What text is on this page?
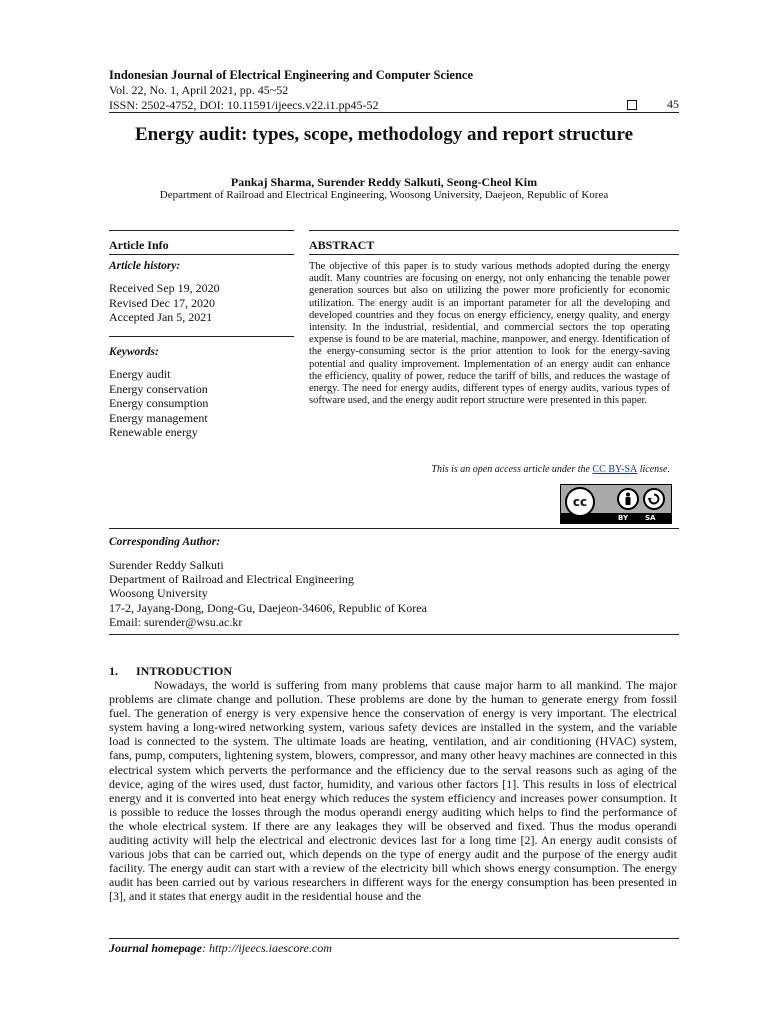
Indonesian Journal of Electrical Engineering and Computer Science
Vol. 22, No. 1, April 2021, pp. 45~52
ISSN: 2502-4752, DOI: 10.11591/ijeecs.v22.i1.pp45-52	45
Energy audit: types, scope, methodology and report structure
Pankaj Sharma, Surender Reddy Salkuti, Seong-Cheol Kim
Department of Railroad and Electrical Engineering, Woosong University, Daejeon, Republic of Korea
Article Info	ABSTRACT
Article history:
Received Sep 19, 2020
Revised Dec 17, 2020
Accepted Jan 5, 2021
Keywords:
Energy audit
Energy conservation
Energy consumption
Energy management
Renewable energy
The objective of this paper is to study various methods adopted during the energy audit. Many countries are focusing on energy, not only enhancing the tenable power generation sources but also on utilizing the power more proficiently for economic utilization. The energy audit is an important parameter for all the developing and developed countries and they focus on energy efficiency, energy quality, and energy intensity. In the industrial, residential, and commercial sectors the top operating expense is found to be are material, machine, manpower, and energy. Identification of the energy-consuming sector is the prior attention to look for the energy-saving potential and quality improvement. Implementation of an energy audit can enhance the efficiency, quality of power, reduce the tariff of bills, and reduces the wastage of energy. The need for energy audits, different types of energy audits, various types of software used, and the energy audit report structure were presented in this paper.
This is an open access article under the CC BY-SA license.
cc
BY SA
Corresponding Author:
Surender Reddy Salkuti
Department of Railroad and Electrical Engineering
Woosong University
17-2, Jayang-Dong, Dong-Gu, Daejeon-34606, Republic of Korea
Email: surender@wsu.ac.kr
1. INTRODUCTION
Nowadays, the world is suffering from many problems that cause major harm to all mankind. The major problems are climate change and pollution. These problems are done by the human to generate energy from fossil fuel. The generation of energy is very expensive hence the conservation of energy is very important. The electrical system having a long-wired networking system, various safety devices are installed in the system, and the variable load is connected to the system. The ultimate loads are heating, ventilation, and air conditioning (HVAC) system, fans, pump, computers, lightening system, blowers, compressor, and many other heavy machines are connected in this electrical system which perverts the performance and the efficiency due to the serval reasons such as aging of the device, aging of the wires used, dust factor, humidity, and various other factors [1]. This results in loss of electrical energy and it is converted into heat energy which reduces the system efficiency and increases power consumption. It is possible to reduce the losses through the modus operandi energy auditing which helps to find the performance of the whole electrical system. If there are any leakages they will be observed and fixed. Thus the modus operandi auditing activity will help the electrical and electronic devices last for a long time [2]. An energy audit consists of various jobs that can be carried out, which depends on the type of energy audit and the purpose of the energy audit facility. The energy audit can start with a review of the electricity bill which shows energy consumption. The energy audit has been carried out by various researchers in different ways for the energy consumption has been presented in [3], and it states that energy audit in the residential house and the
Journal homepage: http://ijeecs.iaescore.com
